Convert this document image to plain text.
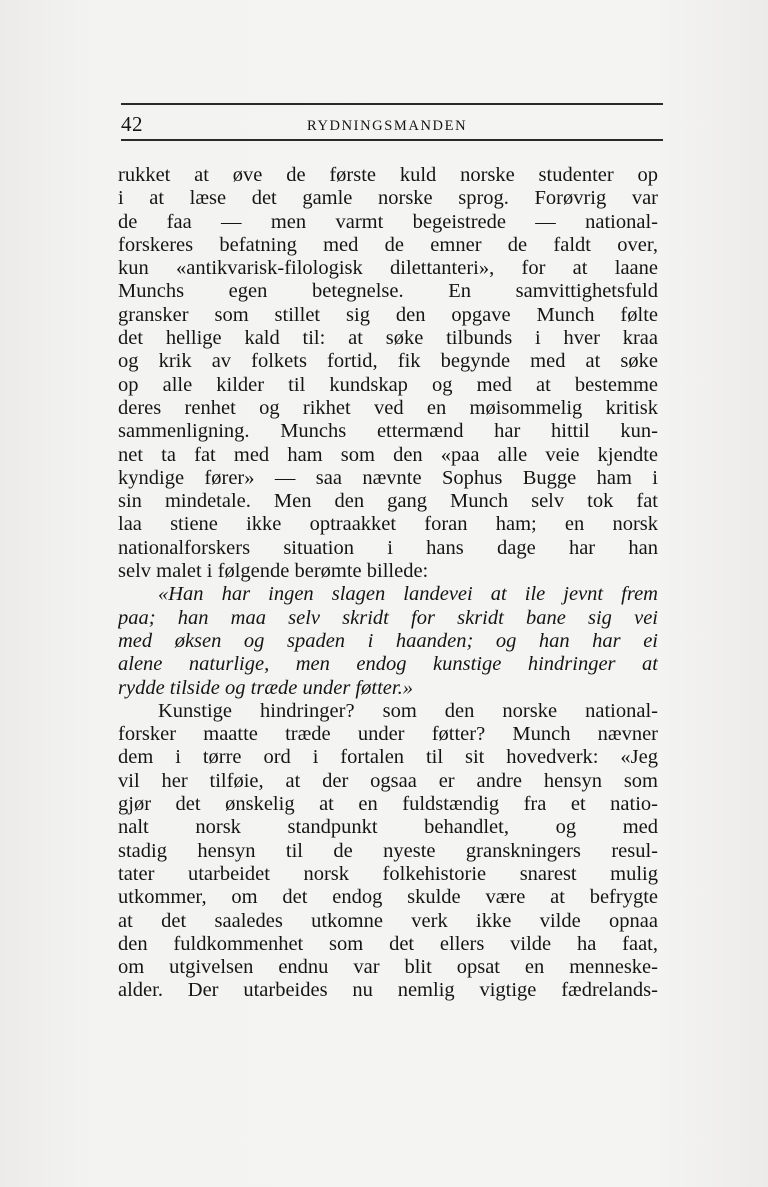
42	RYDNINGSMANDEN
rukket at øve de første kuld norske studenter op
i at læse det gamle norske sprog. Forøvrig var
de faa — men varmt begeistrede — national-
forskeres befatning med de emner de faldt over,
kun «antikvarisk-filologisk dilettanteri», for at laane
Munchs egen betegnelse. En samvittighetsfuld
gransker som stillet sig den opgave Munch følte
det hellige kald til: at søke tilbunds i hver kraa
og krik av folkets fortid, fik begynde med at søke
op alle kilder til kundskap og med at bestemme
deres renhet og rikhet ved en møisommelig kritisk
sammenligning. Munchs ettermænd har hittil kun-
net ta fat med ham som den «paa alle veie kjendte
kyndige fører» — saa nævnte Sophus Bugge ham i
sin mindetale. Men den gang Munch selv tok fat
laa stiene ikke optraakket foran ham; en norsk
nationalforskers situation i hans dage har han
selv malet i følgende berømte billede:
«Han har ingen slagen landevei at ile jevnt frem
paa; han maa selv skridt for skridt bane sig vei
med øksen og spaden i haanden; og han har ei
alene naturlige, men endog kunstige hindringer at
rydde tilside og træde under føtter.»
Kunstige hindringer? som den norske national-
forsker maatte træde under føtter? Munch nævner
dem i tørre ord i fortalen til sit hovedverk: «Jeg
vil her tilføie, at der ogsaa er andre hensyn som
gjør det ønskelig at en fuldstændig fra et natio-
nalt norsk standpunkt behandlet, og med
stadig hensyn til de nyeste granskningers resul-
tater utarbeidet norsk folkehistorie snarest mulig
utkommer, om det endog skulde være at befrygte
at det saaledes utkomne verk ikke vilde opnaa
den fuldkommenhet som det ellers vilde ha faat,
om utgivelsen endnu var blit opsat en menneske-
alder. Der utarbeides nu nemlig vigtige fædrelands-
